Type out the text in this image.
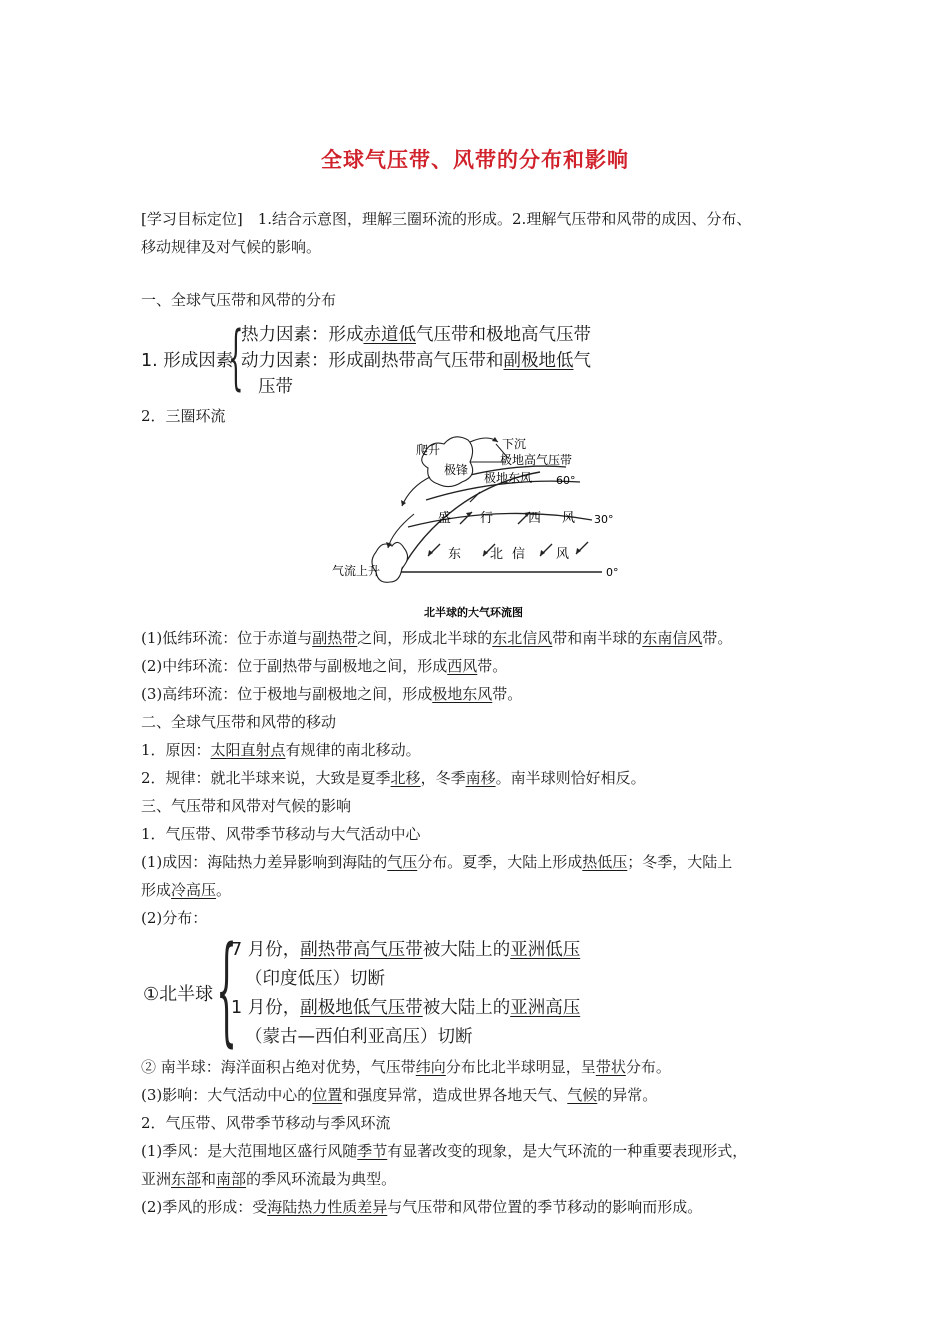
全球气压带、风带的分布和影响
[学习目标定位]　1.结合示意图，理解三圈环流的形成。2.理解气压带和风带的成因、分布、
移动规律及对气候的影响。
一、全球气压带和风带的分布
1. 形成因素
{
热力因素：形成赤道低气压带和极地高气压带
动力因素：形成副热带高气压带和副极地低气
压带
2．三圈环流
爬升	下沉
极地高气压带
极锋
极地东风 60°
30°
0°
盛 行	西 风
东 北 信 风
气流上升
北半球的大气环流图
(1)低纬环流：位于赤道与副热带之间，形成北半球的东北信风带和南半球的东南信风带。
(2)中纬环流：位于副热带与副极地之间，形成西风带。
(3)高纬环流：位于极地与副极地之间，形成极地东风带。
二、全球气压带和风带的移动
1．原因：太阳直射点有规律的南北移动。
2．规律：就北半球来说，大致是夏季北移，冬季南移。南半球则恰好相反。
三、气压带和风带对气候的影响
1．气压带、风带季节移动与大气活动中心
(1)成因：海陆热力差异影响到海陆的气压分布。夏季，大陆上形成热低压；冬季，大陆上
形成冷高压。
(2)分布：
①北半球 {
7 月份，副热带高气压带被大陆上的亚洲低压
（印度低压）切断
1 月份，副极地低气压带被大陆上的亚洲高压
（蒙古—西伯利亚高压）切断
② 南半球：海洋面积占绝对优势，气压带纬向分布比北半球明显，呈带状分布。
(3)影响：大气活动中心的位置和强度异常，造成世界各地天气、气候的异常。
2．气压带、风带季节移动与季风环流
(1)季风：是大范围地区盛行风随季节有显著改变的现象，是大气环流的一种重要表现形式，
亚洲东部和南部的季风环流最为典型。
(2)季风的形成：受海陆热力性质差异与气压带和风带位置的季节移动的影响而形成。
